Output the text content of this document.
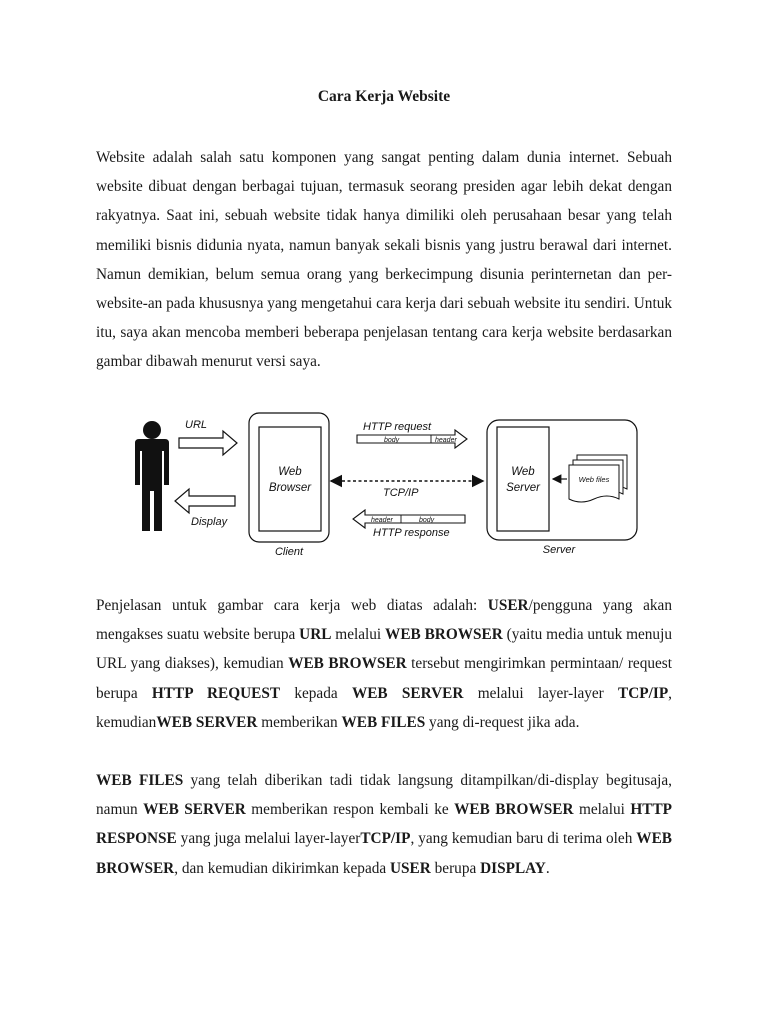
Cara Kerja Website

Website adalah salah satu komponen yang sangat penting dalam dunia internet. Sebuah website dibuat dengan berbagai tujuan, termasuk seorang presiden agar lebih dekat dengan rakyatnya. Saat ini, sebuah website tidak hanya dimiliki oleh perusahaan besar yang telah memiliki bisnis didunia nyata, namun banyak sekali bisnis yang justru berawal dari internet. Namun demikian, belum semua orang yang berkecimpung disunia perinternetan dan per-website-an pada khususnya yang mengetahui cara kerja dari sebuah website itu sendiri. Untuk itu, saya akan mencoba memberi beberapa penjelasan tentang cara kerja website berdasarkan gambar dibawah menurut versi saya.

URL
Display
Web
Browser
Client
HTTP request
body	header
TCP/IP
header	body
HTTP response
Web
Server
Web files
Server

Penjelasan untuk gambar cara kerja web diatas adalah: USER/pengguna yang akan mengakses suatu website berupa URL melalui WEB BROWSER (yaitu media untuk menuju URL yang diakses), kemudian WEB BROWSER tersebut mengirimkan permintaan/ request berupa HTTP REQUEST kepada WEB SERVER melalui layer-layer TCP/IP, kemudianWEB SERVER memberikan WEB FILES yang di-request jika ada.

WEB FILES yang telah diberikan tadi tidak langsung ditampilkan/di-display begitusaja, namun WEB SERVER memberikan respon kembali ke WEB BROWSER melalui HTTP RESPONSE yang juga melalui layer-layerTCP/IP, yang kemudian baru di terima oleh WEB BROWSER, dan kemudian dikirimkan kepada USER berupa DISPLAY.
